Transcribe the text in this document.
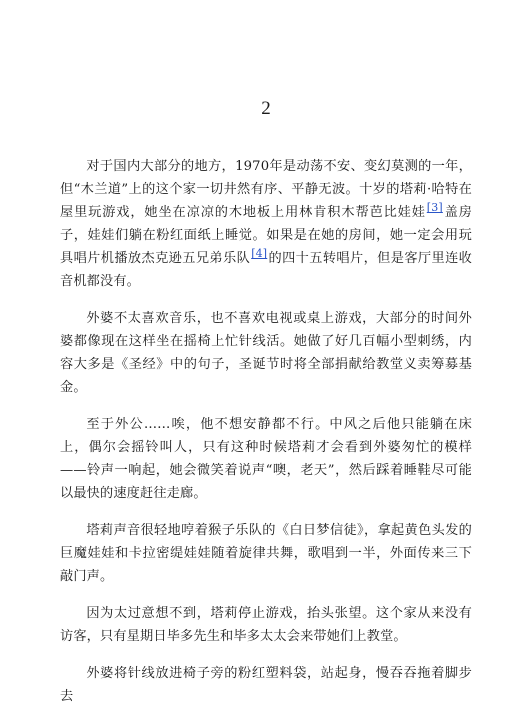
2

对于国内大部分的地方，1970年是动荡不安、变幻莫测的一年，但“木兰道”上的这个家一切井然有序、平静无波。十岁的塔莉·哈特在屋里玩游戏，她坐在凉凉的木地板上用林肯积木帮芭比娃娃[3]盖房子，娃娃们躺在粉红面纸上睡觉。如果是在她的房间，她一定会用玩具唱片机播放杰克逊五兄弟乐队[4]的四十五转唱片，但是客厅里连收音机都没有。

外婆不太喜欢音乐，也不喜欢电视或桌上游戏，大部分的时间外婆都像现在这样坐在摇椅上忙针线活。她做了好几百幅小型刺绣，内容大多是《圣经》中的句子，圣诞节时将全部捐献给教堂义卖筹募基金。

至于外公……唉，他不想安静都不行。中风之后他只能躺在床上，偶尔会摇铃叫人，只有这种时候塔莉才会看到外婆匆忙的模样——铃声一响起，她会微笑着说声“噢，老天”，然后踩着睡鞋尽可能以最快的速度赶往走廊。

塔莉声音很轻地哼着猴子乐队的《白日梦信徒》，拿起黄色头发的巨魔娃娃和卡拉密缇娃娃随着旋律共舞，歌唱到一半，外面传来三下敲门声。

因为太过意想不到，塔莉停止游戏，抬头张望。这个家从来没有访客，只有星期日毕多先生和毕多太太会来带她们上教堂。

外婆将针线放进椅子旁的粉红塑料袋，站起身，慢吞吞拖着脚步去
